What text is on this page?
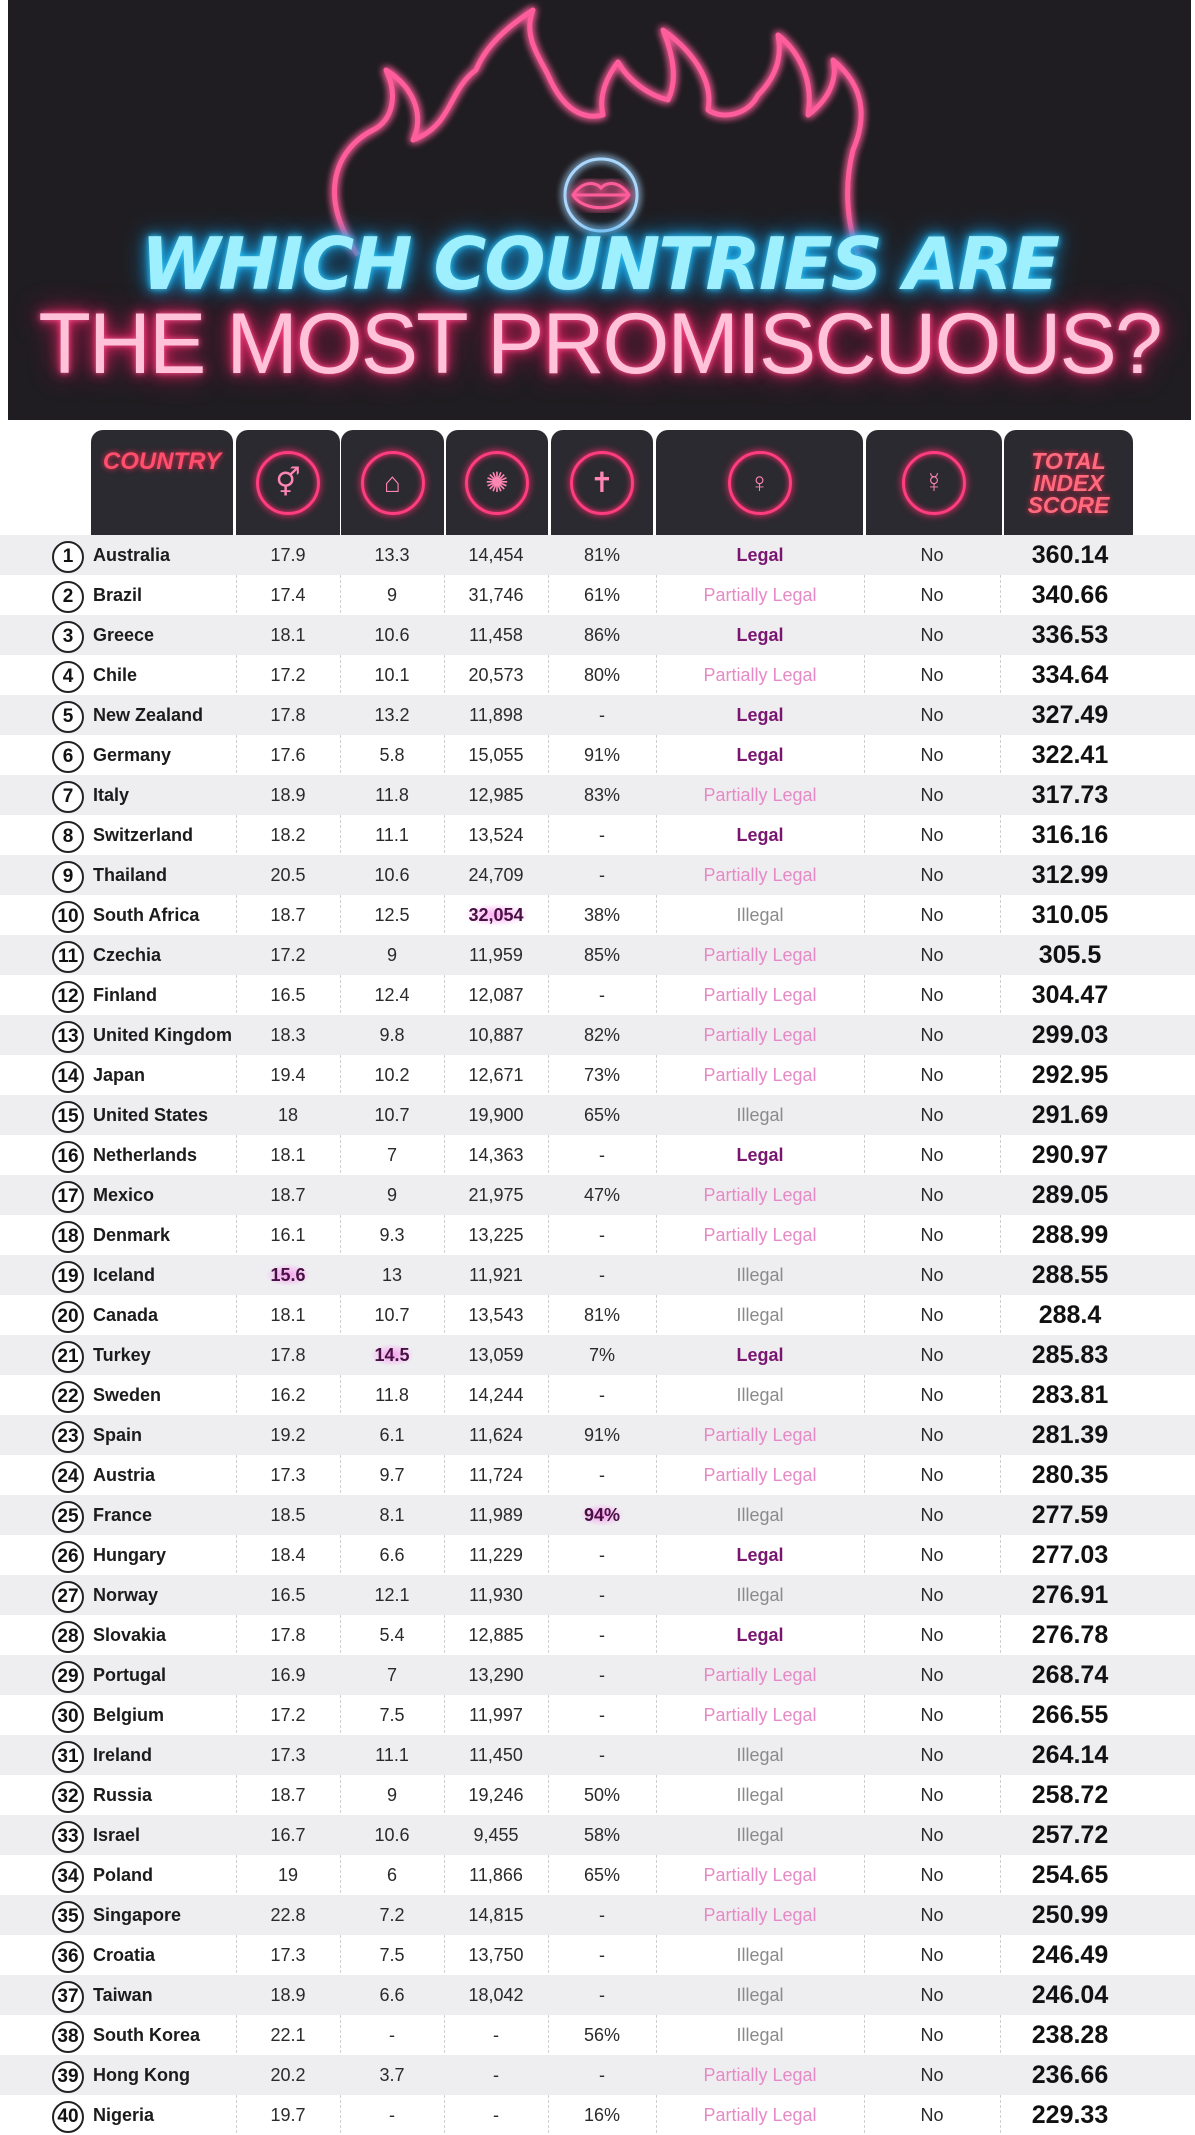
WHICH COUNTRIES ARE
THE MOST PROMISCUOUS?
COUNTRY
⚥	⌂	✺	✝	♀	☿
TOTAL
INDEX
SCORE
1	Australia	17.9	13.3	14,454	81%	Legal	No	360.14
2	Brazil	17.4	9	31,746	61%	Partially Legal	No	340.66
3	Greece	18.1	10.6	11,458	86%	Legal	No	336.53
4	Chile	17.2	10.1	20,573	80%	Partially Legal	No	334.64
5	New Zealand	17.8	13.2	11,898	-	Legal	No	327.49
6	Germany	17.6	5.8	15,055	91%	Legal	No	322.41
7	Italy	18.9	11.8	12,985	83%	Partially Legal	No	317.73
8	Switzerland	18.2	11.1	13,524	-	Legal	No	316.16
9	Thailand	20.5	10.6	24,709	-	Partially Legal	No	312.99
10 South Africa	18.7	12.5	32,054	38%	Illegal	No	310.05
11 Czechia	17.2	9	11,959	85%	Partially Legal	No	305.5
12 Finland	16.5	12.4	12,087	-	Partially Legal	No	304.47
13 United Kingdom	18.3	9.8	10,887	82%	Partially Legal	No	299.03
14 Japan	19.4	10.2	12,671	73%	Partially Legal	No	292.95
15 United States	18	10.7	19,900	65%	Illegal	No	291.69
16 Netherlands	18.1	7	14,363	-	Legal	No	290.97
17 Mexico	18.7	9	21,975	47%	Partially Legal	No	289.05
18 Denmark	16.1	9.3	13,225	-	Partially Legal	No	288.99
19 Iceland	15.6	13	11,921	-	Illegal	No	288.55
20 Canada	18.1	10.7	13,543	81%	Illegal	No	288.4
21 Turkey	17.8	14.5	13,059	7%	Legal	No	285.83
22 Sweden	16.2	11.8	14,244	-	Illegal	No	283.81
23 Spain	19.2	6.1	11,624	91%	Partially Legal	No	281.39
24 Austria	17.3	9.7	11,724	-	Partially Legal	No	280.35
25 France	18.5	8.1	11,989	94%	Illegal	No	277.59
26 Hungary	18.4	6.6	11,229	-	Legal	No	277.03
27 Norway	16.5	12.1	11,930	-	Illegal	No	276.91
28 Slovakia	17.8	5.4	12,885	-	Legal	No	276.78
29 Portugal	16.9	7	13,290	-	Partially Legal	No	268.74
30 Belgium	17.2	7.5	11,997	-	Partially Legal	No	266.55
31 Ireland	17.3	11.1	11,450	-	Illegal	No	264.14
32 Russia	18.7	9	19,246	50%	Illegal	No	258.72
33 Israel	16.7	10.6	9,455	58%	Illegal	No	257.72
34 Poland	19	6	11,866	65%	Partially Legal	No	254.65
35 Singapore	22.8	7.2	14,815	-	Partially Legal	No	250.99
36 Croatia	17.3	7.5	13,750	-	Illegal	No	246.49
37 Taiwan	18.9	6.6	18,042	-	Illegal	No	246.04
38 South Korea	22.1	-	-	56%	Illegal	No	238.28
39 Hong Kong	20.2	3.7	-	-	Partially Legal	No	236.66
40 Nigeria	19.7	-	-	16%	Partially Legal	No	229.33
